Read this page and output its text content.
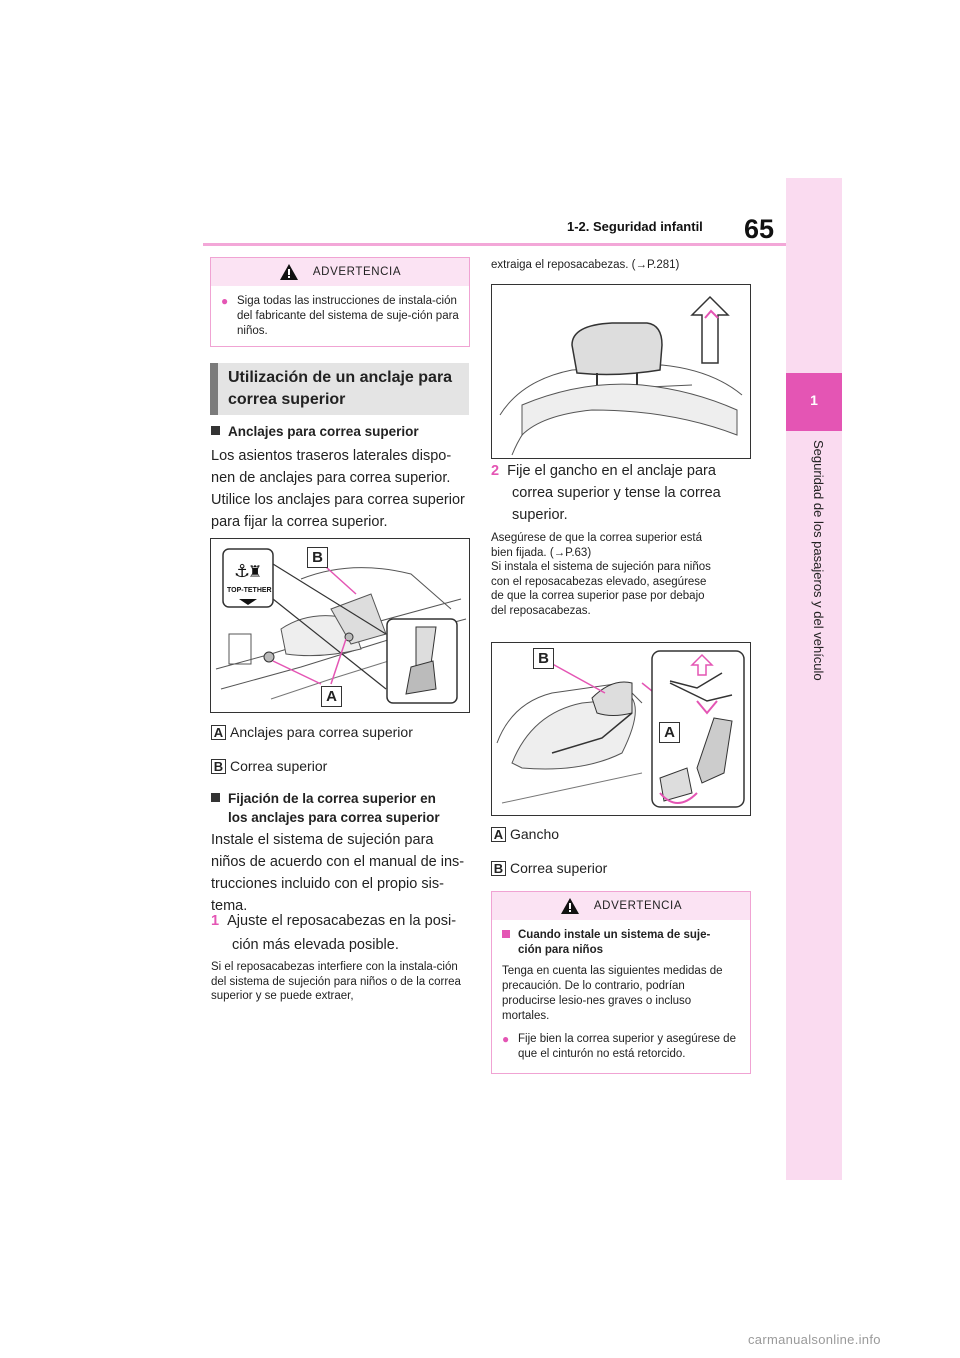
1-2. Seguridad infantil 65
1
Seguridad de los pasajeros y del vehículo
ADVERTENCIA
● Siga todas las instrucciones de instala-ción del fabricante del sistema de suje-ción para niños.
Utilización de un anclaje para
correa superior
Anclajes para correa superior
Los asientos traseros laterales dispo-nen de anclajes para correa superior.
Utilice los anclajes para correa superior para fijar la correa superior.
⚓
♜
TOP-TETHER
B
A
A Anclajes para correa superior
B Correa superior
Fijación de la correa superior en
los anclajes para correa superior
Instale el sistema de sujeción para niños de acuerdo con el manual de ins-trucciones incluido con el propio sis-tema.
1 Ajuste el reposacabezas en la posi-
ción más elevada posible.
Si el reposacabezas interfiere con la instala-ción del sistema de sujeción para niños o de la correa superior y se puede extraer,
extraiga el reposacabezas. (→P.281)
2 Fije el gancho en el anclaje para
correa superior y tense la correa
superior.
Asegúrese de que la correa superior está
bien fijada. (→P.63)
Si instala el sistema de sujeción para niños
con el reposacabezas elevado, asegúrese
de que la correa superior pase por debajo
del reposacabezas.
B
A
A Gancho
B Correa superior
ADVERTENCIA
Cuando instale un sistema de suje-
ción para niños
Tenga en cuenta las siguientes medidas de precaución. De lo contrario, podrían producirse lesio-nes graves o incluso mortales.
● Fije bien la correa superior y asegúrese de que el cinturón no está retorcido.
carmanualsonline.info
